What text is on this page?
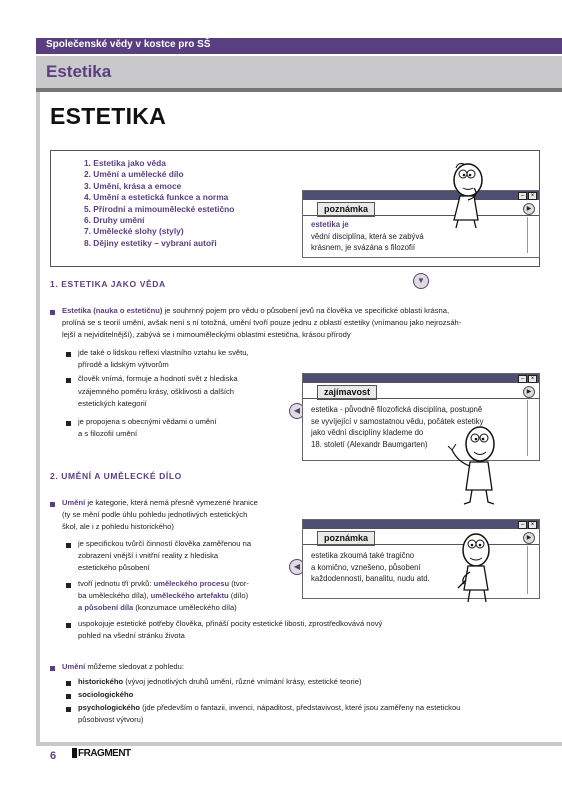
Společenské vědy v kostce pro SŠ
Estetika
ESTETIKA
1. Estetika jako věda
2. Umění a umělecké dílo
3. Umění, krása a emoce
4. Umění a estetická funkce a norma
5. Přírodní a mimoumělecké estetično
6. Druhy umění
7. Umělecké slohy (styly)
8. Dějiny estetiky – vybraní autoři
–	×
poznámka	▶
estetika je
vědní disciplína, která se zabývá
krásnem, je svázána s filozofií
▼
1. ESTETIKA JAKO VĚDA
Estetika (nauka o estetičnu) je souhrnný pojem pro vědu o působení jevů na člověka ve specifické oblasti krásna,
prolíná se s teorií umění, avšak není s ní totožná, umění tvoří pouze jednu z oblastí estetiky (vnímanou jako nejrozsáh-
lejší a nejviditelnější), zabývá se i mimouměleckými oblastmi estetična, krásou přírody
jde také o lidskou reflexi vlastního vztahu ke světu,
přírodě a lidským výtvorům
člověk vnímá, formuje a hodnotí svět z hlediska
vzájemného poměru krásy, ošklivosti a dalších
estetických kategorií
je propojena s obecnými vědami o umění
a s filozofií umění
◀
–	×
zajímavost	▶
estetika - původně filozofická disciplína, postupně
se vyvíjející v samostatnou vědu, počátek estetiky
jako vědní disciplíny klademe do
18. století (Alexandr Baumgarten)
2. UMĚNÍ A UMĚLECKÉ DÍLO
Umění je kategorie, která nemá přesně vymezené hranice
(ty se mění podle úhlu pohledu jednotlivých estetických
škol, ale i z pohledu historického)
je specifickou tvůrčí činností člověka zaměřenou na
zobrazení vnější i vnitřní reality z hlediska
estetického působení
tvoří jednotu tří prvků: uměleckého procesu (tvor-
ba uměleckého díla), uměleckého artefaktu (dílo)
a působení díla (konzumace uměleckého díla)
uspokojuje estetické potřeby člověka, přináší pocity estetické libosti, zprostředkovává nový
pohled na všední stránku života
◀
–	×
poznámka	▶
estetika zkoumá také tragično
a komično, vznešeno, působení
každodennosti, banalitu, nudu atd.
Umění můžeme sledovat z pohledu:
historického (vývoj jednotlivých druhů umění, různé vnímání krásy, estetické teorie)
sociologického
psychologického (jde především o fantazii, invenci, nápaditost, představivost, které jsou zaměřeny na estetickou
působivost výtvoru)
6	FRAGMENT
